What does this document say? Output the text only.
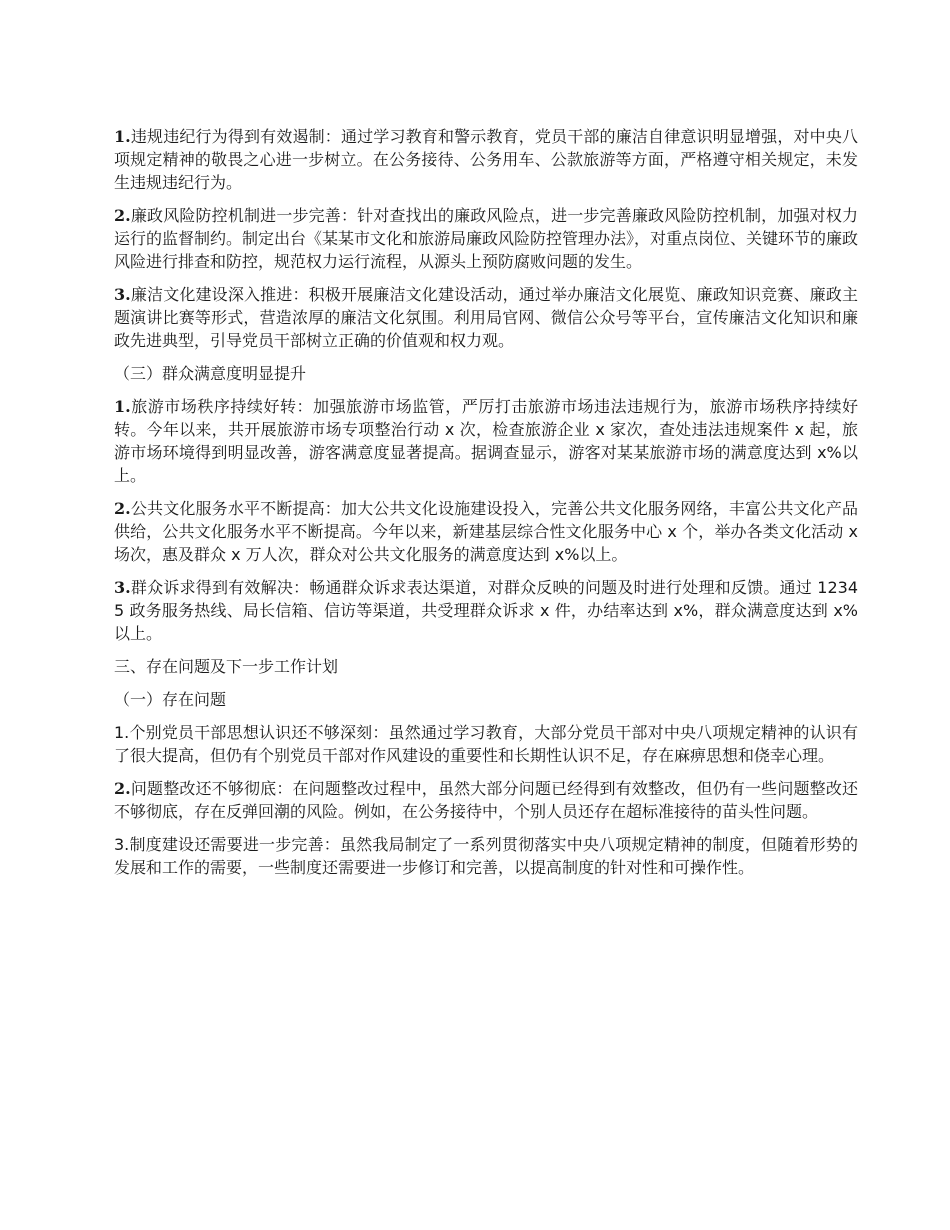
1.违规违纪行为得到有效遏制：通过学习教育和警示教育，党员干部的廉洁自律意识明显增强，对中央八项规定精神的敬畏之心进一步树立。在公务接待、公务用车、公款旅游等方面，严格遵守相关规定，未发生违规违纪行为。

2.廉政风险防控机制进一步完善：针对查找出的廉政风险点，进一步完善廉政风险防控机制，加强对权力运行的监督制约。制定出台《某某市文化和旅游局廉政风险防控管理办法》，对重点岗位、关键环节的廉政风险进行排查和防控，规范权力运行流程，从源头上预防腐败问题的发生。

3.廉洁文化建设深入推进：积极开展廉洁文化建设活动，通过举办廉洁文化展览、廉政知识竞赛、廉政主题演讲比赛等形式，营造浓厚的廉洁文化氛围。利用局官网、微信公众号等平台，宣传廉洁文化知识和廉政先进典型，引导党员干部树立正确的价值观和权力观。

（三）群众满意度明显提升

1.旅游市场秩序持续好转：加强旅游市场监管，严厉打击旅游市场违法违规行为，旅游市场秩序持续好转。今年以来，共开展旅游市场专项整治行动 x 次，检查旅游企业 x 家次，查处违法违规案件 x 起，旅游市场环境得到明显改善，游客满意度显著提高。据调查显示，游客对某某旅游市场的满意度达到 x%以上。

2.公共文化服务水平不断提高：加大公共文化设施建设投入，完善公共文化服务网络，丰富公共文化产品供给，公共文化服务水平不断提高。今年以来，新建基层综合性文化服务中心 x 个，举办各类文化活动 x 场次，惠及群众 x 万人次，群众对公共文化服务的满意度达到 x%以上。

3.群众诉求得到有效解决：畅通群众诉求表达渠道，对群众反映的问题及时进行处理和反馈。通过 12345 政务服务热线、局长信箱、信访等渠道，共受理群众诉求 x 件，办结率达到 x%，群众满意度达到 x%以上。

三、存在问题及下一步工作计划

（一）存在问题

1.个别党员干部思想认识还不够深刻：虽然通过学习教育，大部分党员干部对中央八项规定精神的认识有了很大提高，但仍有个别党员干部对作风建设的重要性和长期性认识不足，存在麻痹思想和侥幸心理。

2.问题整改还不够彻底：在问题整改过程中，虽然大部分问题已经得到有效整改，但仍有一些问题整改还不够彻底，存在反弹回潮的风险。例如，在公务接待中，个别人员还存在超标准接待的苗头性问题。

3.制度建设还需要进一步完善：虽然我局制定了一系列贯彻落实中央八项规定精神的制度，但随着形势的发展和工作的需要，一些制度还需要进一步修订和完善，以提高制度的针对性和可操作性。
